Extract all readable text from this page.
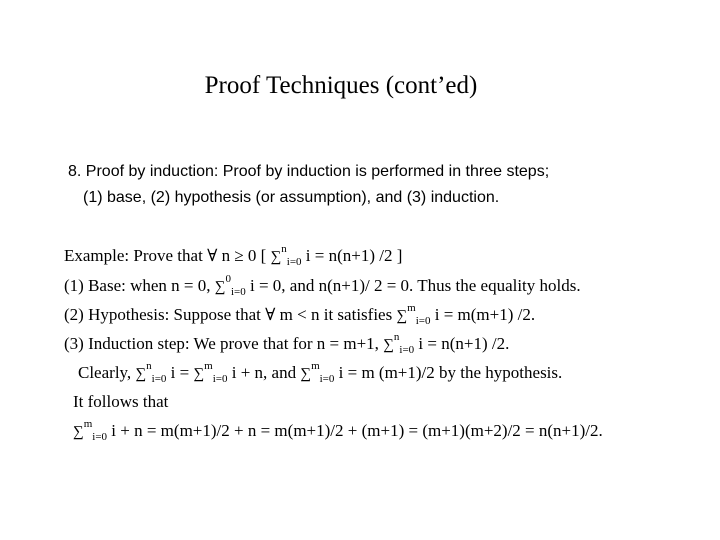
Proof Techniques (cont’ed)
8. Proof by induction: Proof by induction is performed in three steps;
(1) base, (2) hypothesis (or assumption), and (3) induction.
Example: Prove that ∀ n ≥ 0 [ ∑$^n_{i=0}$ i = n(n+1) /2 ]
(1) Base: when n = 0, ∑$^0_{i=0}$ i = 0, and n(n+1)/ 2 = 0. Thus the equality holds.
(2) Hypothesis: Suppose that ∀ m < n it satisfies ∑$^m_{i=0}$ i = m(m+1) /2.
(3) Induction step: We prove that for n = m+1, ∑$^n_{i=0}$ i = n(n+1) /2.
Clearly, ∑$^n_{i=0}$ i = ∑$^m_{i=0}$ i + n, and ∑$^m_{i=0}$ i = m (m+1)/2 by the hypothesis.
It follows that
∑$^m_{i=0}$ i + n = m(m+1)/2 + n = m(m+1)/2 + (m+1) = (m+1)(m+2)/2 = n(n+1)/2.
